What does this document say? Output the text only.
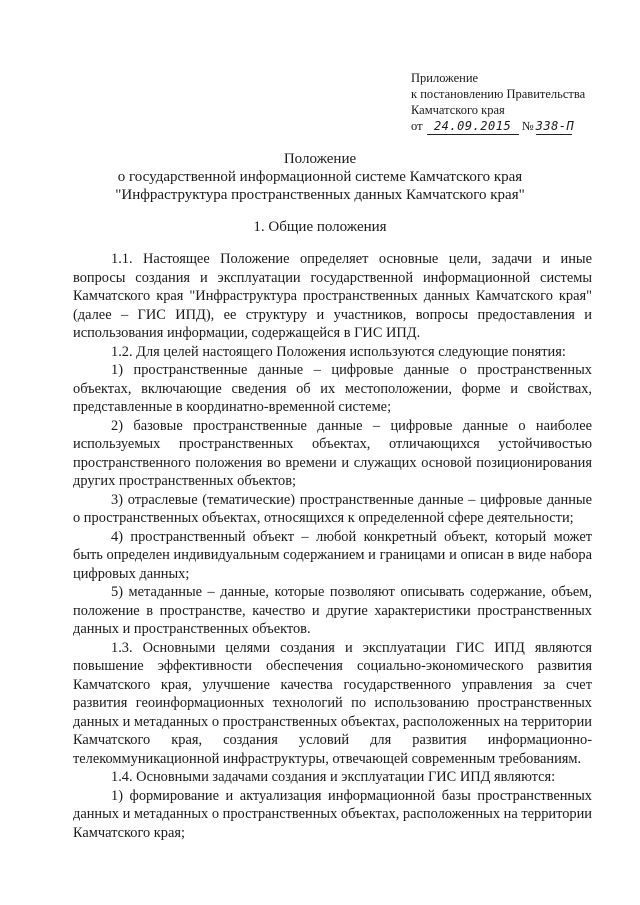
Приложение
к постановлению Правительства
Камчатского края
от 24.09.2015 № 338-П
Положение
о государственной информационной системе Камчатского края
"Инфраструктура пространственных данных Камчатского края"
1. Общие положения

1.1. Настоящее Положение определяет основные цели, задачи и иные вопросы создания и эксплуатации государственной информационной системы Камчатского края "Инфраструктура пространственных данных Камчатского края" (далее – ГИС ИПД), ее структуру и участников, вопросы предоставления и использования информации, содержащейся в ГИС ИПД.

1.2. Для целей настоящего Положения используются следующие понятия:

1) пространственные данные – цифровые данные о пространственных объектах, включающие сведения об их местоположении, форме и свойствах, представленные в координатно-временной системе;

2) базовые пространственные данные – цифровые данные о наиболее используемых пространственных объектах, отличающихся устойчивостью пространственного положения во времени и служащих основой позиционирования других пространственных объектов;

3) отраслевые (тематические) пространственные данные – цифровые данные о пространственных объектах, относящихся к определенной сфере деятельности;

4) пространственный объект – любой конкретный объект, который может быть определен индивидуальным содержанием и границами и описан в виде набора цифровых данных;

5) метаданные – данные, которые позволяют описывать содержание, объем, положение в пространстве, качество и другие характеристики пространственных данных и пространственных объектов.

1.3. Основными целями создания и эксплуатации ГИС ИПД являются повышение эффективности обеспечения социально-экономического развития Камчатского края, улучшение качества государственного управления за счет развития геоинформационных технологий по использованию пространственных данных и метаданных о пространственных объектах, расположенных на территории Камчатского края, создания условий для развития информационно-телекоммуникационной инфраструктуры, отвечающей современным требованиям.

1.4. Основными задачами создания и эксплуатации ГИС ИПД являются:

1) формирование и актуализация информационной базы пространственных данных и метаданных о пространственных объектах, расположенных на территории Камчатского края;
